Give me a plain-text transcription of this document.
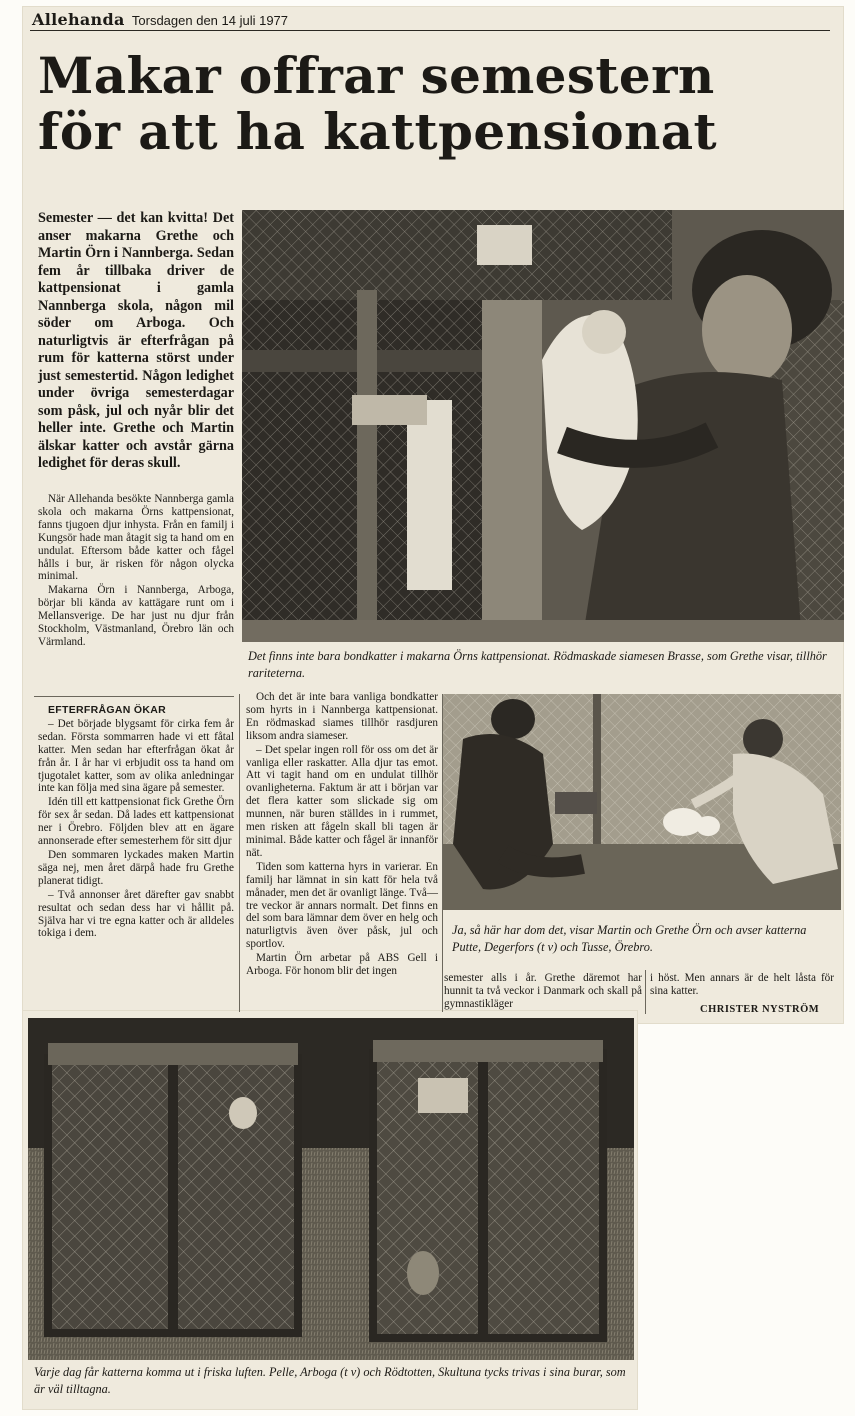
Allehanda Torsdagen den 14 juli 1977
Makar offrar semestern
för att ha kattpensionat

Semester — det kan kvitta! Det anser makarna Grethe och Martin Örn i Nannberga. Sedan fem år tillbaka driver de kattpensionat i gamla Nannberga skola, någon mil söder om Arboga. Och naturligtvis är efterfrågan på rum för katterna störst under just semestertid. Någon ledighet under övriga semesterdagar som påsk, jul och nyår blir det heller inte. Grethe och Martin älskar katter och avstår gärna ledighet för deras skull.

När Allehanda besökte Nannberga gamla skola och makarna Örns kattpensionat, fanns tjugoen djur inhysta. Från en familj i Kungsör hade man åtagit sig ta hand om en undulat. Eftersom både katter och fågel hålls i bur, är risken för någon olycka minimal.

Makarna Örn i Nannberga, Arboga, börjar bli kända av kattägare runt om i Mellansverige. De har just nu djur från Stockholm, Västmanland, Örebro län och Värmland.

EFTERFRÅGAN ÖKAR

– Det började blygsamt för cirka fem år sedan. Första sommarren hade vi ett fåtal katter. Men sedan har efterfrågan ökat år från år. I år har vi erbjudit oss ta hand om tjugotalet katter, som av olika anledningar inte kan följa med sina ägare på semester.

Idén till ett kattpensionat fick Grethe Örn för sex år sedan. Då lades ett kattpensionat ner i Örebro. Följden blev att en ägare annonserade efter semesterhem för sitt djur

Den sommaren lyckades maken Martin säga nej, men året därpå hade fru Grethe planerat tidigt.

– Två annonser året därefter gav snabbt resultat och sedan dess har vi hållit på. Själva har vi tre egna katter och är alldeles tokiga i dem.

Och det är inte bara vanliga bondkatter som hyrts in i Nannberga kattpensionat. En rödmaskad siames tillhör rasdjuren liksom andra siameser.

– Det spelar ingen roll för oss om det är vanliga eller raskatter. Alla djur tas emot. Att vi tagit hand om en undulat tillhör ovanligheterna. Faktum är att i början var det flera katter som slickade sig om munnen, när buren ställdes in i rummet, men risken att fågeln skall bli tagen är minimal. Både katter och fågel är innanför nät.

Tiden som katterna hyrs in varierar. En familj har lämnat in sin katt för hela två månader, men det är ovanligt länge. Två—tre veckor är annars normalt. Det finns en del som bara lämnar dem över en helg och naturligtvis även över påsk, jul och sportlov.

Martin Örn arbetar på ABS Gell i Arboga. För honom blir det ingen

semester alls i år. Grethe däremot har hunnit ta två veckor i Danmark och skall på gymnastikläger

i höst. Men annars är de helt låsta för sina katter.

CHRISTER NYSTRÖM
Det finns inte bara bondkatter i makarna Örns kattpensionat. Rödmaskade siamesen Brasse, som Grethe visar, tillhör rariteterna.
Ja, så här har dom det, visar Martin och Grethe Örn och avser katterna Putte, Degerfors (t v) och Tusse, Örebro.
Varje dag får katterna komma ut i friska luften. Pelle, Arboga (t v) och Rödtotten, Skultuna tycks trivas i sina burar, som är väl tilltagna.
